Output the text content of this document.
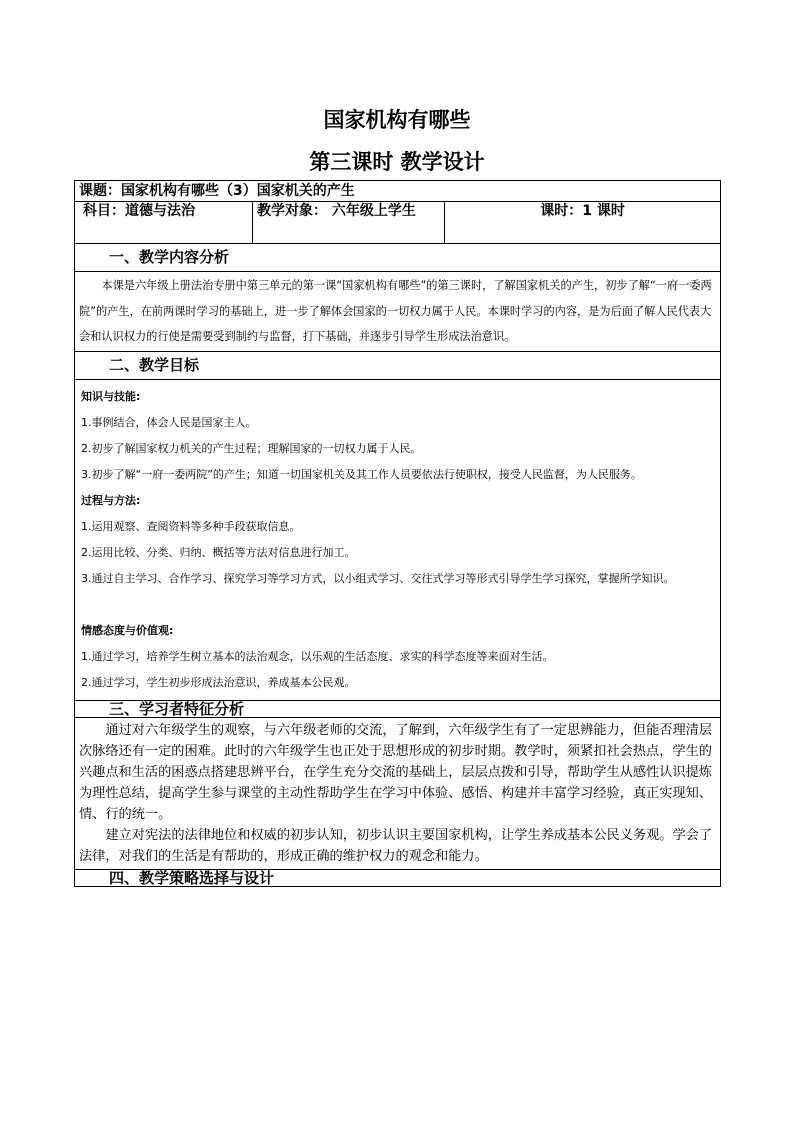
国家机构有哪些
第三课时 教学设计
课题：国家机构有哪些（3）国家机关的产生
科目：道德与法治	教学对象： 六年级上学生	课时：1 课时
一、教学内容分析
本课是六年级上册法治专册中第三单元的第一课“国家机构有哪些”的第三课时，了解国家机关的产生，初步了解“一府一委两院”的产生，在前两课时学习的基础上，进一步了解体会国家的一切权力属于人民。本课时学习的内容，是为后面了解人民代表大会和认识权力的行使是需要受到制约与监督，打下基础，并逐步引导学生形成法治意识。
二、教学目标

知识与技能:
1.事例结合，体会人民是国家主人。
2.初步了解国家权力机关的产生过程；理解国家的一切权力属于人民。
3.初步了解“一府一委两院”的产生；知道一切国家机关及其工作人员要依法行使职权，接受人民监督，为人民服务。
过程与方法:
1.运用观察、查阅资料等多种手段获取信息。
2.运用比较、分类、归纳、概括等方法对信息进行加工。
3.通过自主学习、合作学习、探究学习等学习方式，以小组式学习、交往式学习等形式引导学生学习探究，掌握所学知识。
情感态度与价值观:
1.通过学习，培养学生树立基本的法治观念，以乐观的生活态度、求实的科学态度等来面对生活。
2.通过学习，学生初步形成法治意识，养成基本公民观。

三、学习者特征分析

通过对六年级学生的观察，与六年级老师的交流，了解到，六年级学生有了一定思辨能力，但能否理清层次脉络还有一定的困难。此时的六年级学生也正处于思想形成的初步时期。教学时，须紧扣社会热点，学生的兴趣点和生活的困惑点搭建思辨平台，在学生充分交流的基础上，层层点拨和引导，帮助学生从感性认识提炼为理性总结，提高学生参与课堂的主动性帮助学生在学习中体验、感悟、构建并丰富学习经验，真正实现知、情、行的统一。
建立对宪法的法律地位和权威的初步认知，初步认识主要国家机构，让学生养成基本公民义务观。学会了法律，对我们的生活是有帮助的，形成正确的维护权力的观念和能力。

四、教学策略选择与设计
